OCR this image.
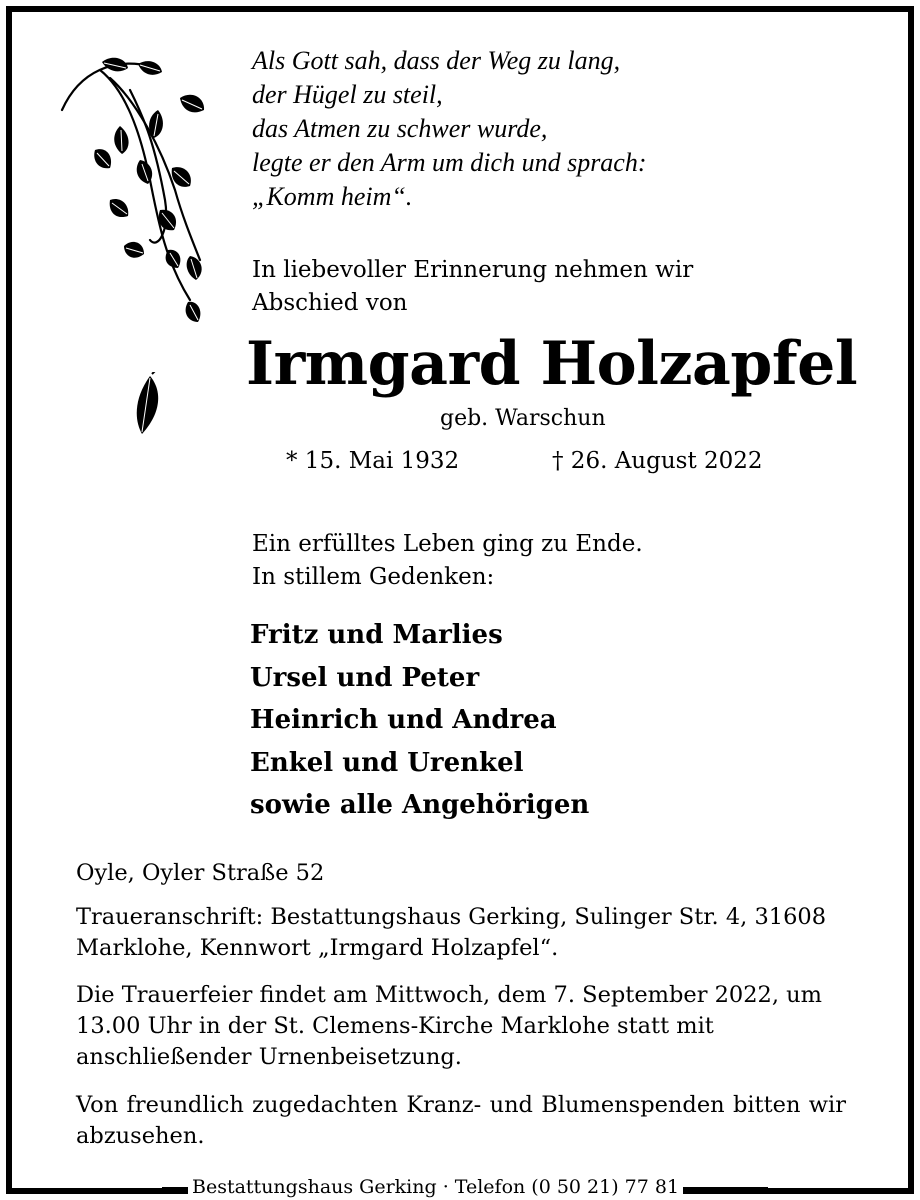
Als Gott sah, dass der Weg zu lang,
der Hügel zu steil,
das Atmen zu schwer wurde,
legte er den Arm um dich und sprach:
„Komm heim“.
In liebevoller Erinnerung nehmen wir
Abschied von
Irmgard Holzapfel
geb. Warschun
* 15. Mai 1932	† 26. August 2022
Ein erfülltes Leben ging zu Ende.
In stillem Gedenken:
Fritz und Marlies
Ursel und Peter
Heinrich und Andrea
Enkel und Urenkel
sowie alle Angehörigen
Oyle, Oyler Straße 52
Traueranschrift: Bestattungshaus Gerking, Sulinger Str. 4, 31608 Marklohe, Kennwort „Irmgard Holzapfel“.
Die Trauerfeier findet am Mittwoch, dem 7. September 2022, um 13.00 Uhr in der St. Clemens-Kirche Marklohe statt mit anschließender Urnenbeisetzung.
Von freundlich zugedachten Kranz- und Blumenspenden bitten wir abzusehen.
Bestattungshaus Gerking · Telefon (0 50 21) 77 81
